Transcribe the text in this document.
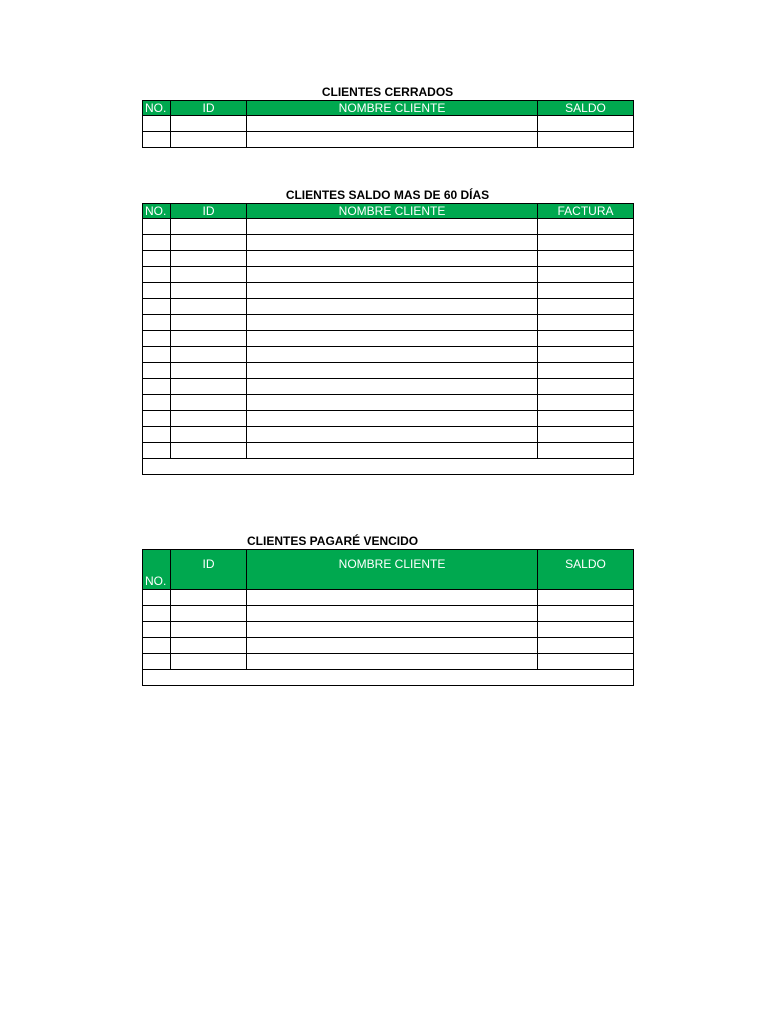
CLIENTES CERRADOS
NO.	ID	NOMBRE CLIENTE	SALDO

CLIENTES SALDO MAS DE 60 DÍAS
NO.	ID	NOMBRE CLIENTE	FACTURA

CLIENTES PAGARÉ VENCIDO
NO.	ID	NOMBRE CLIENTE	SALDO
